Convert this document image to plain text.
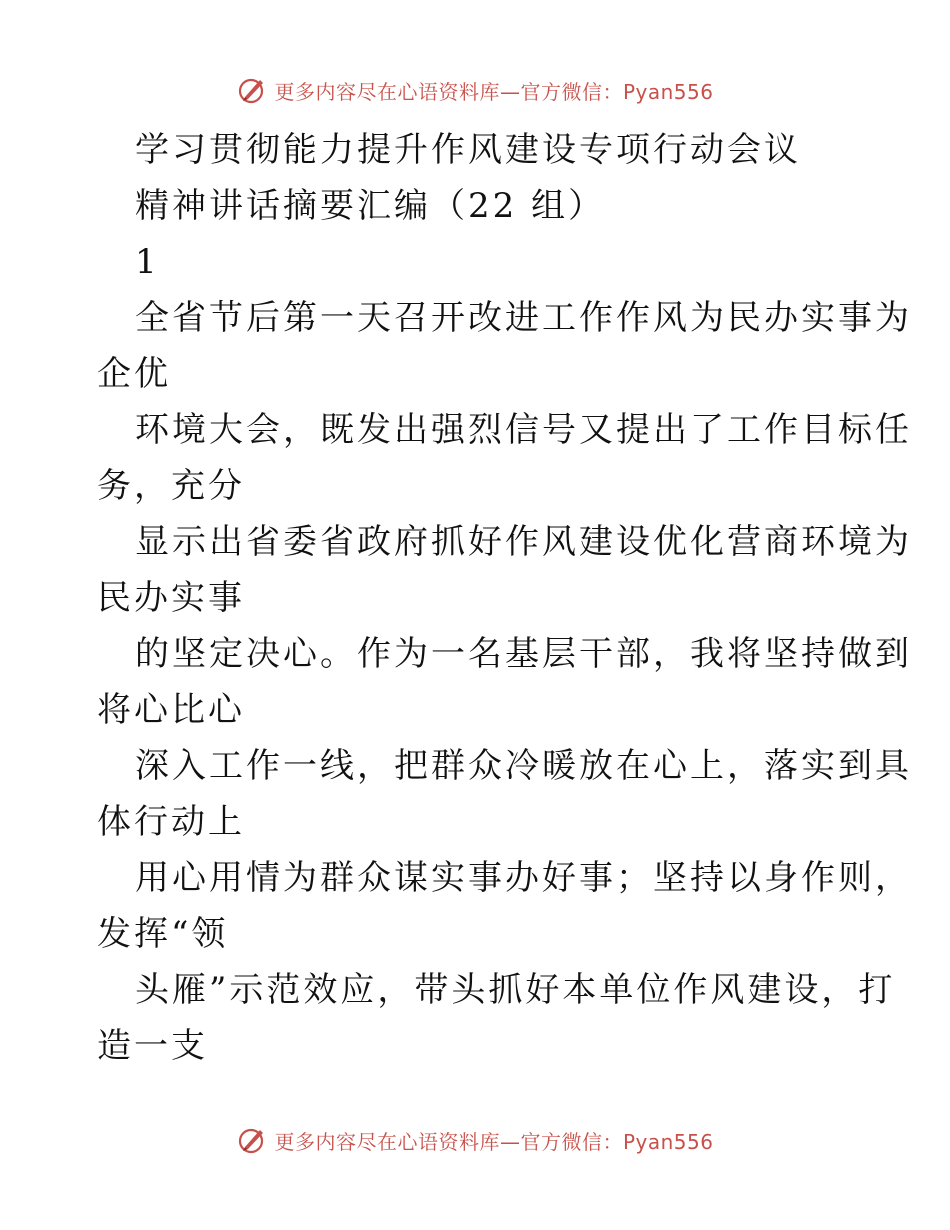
更多内容尽在心语资料库—官方微信：Pyan556
学习贯彻能力提升作风建设专项行动会议
精神讲话摘要汇编（22 组）
1
全省节后第一天召开改进工作作风为民办实事为
企优
环境大会，既发出强烈信号又提出了工作目标任
务，充分
显示出省委省政府抓好作风建设优化营商环境为
民办实事
的坚定决心。作为一名基层干部，我将坚持做到
将心比心
深入工作一线，把群众冷暖放在心上，落实到具
体行动上
用心用情为群众谋实事办好事；坚持以身作则，
发挥“领
头雁”示范效应，带头抓好本单位作风建设，打
造一支
更多内容尽在心语资料库—官方微信：Pyan556
